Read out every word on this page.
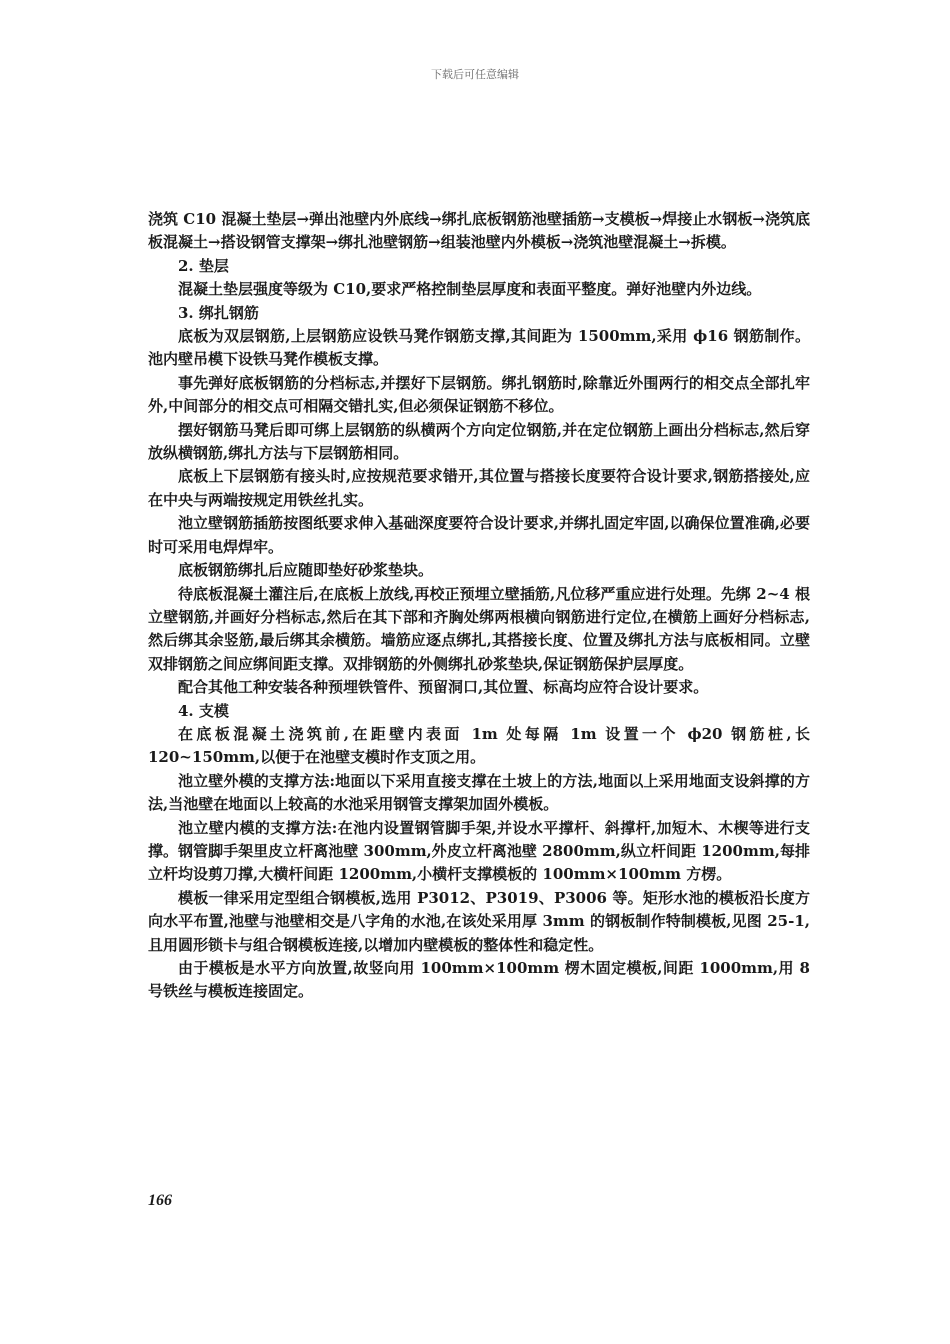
下载后可任意编辑

浇筑 C10 混凝土垫层→弹出池壁内外底线→绑扎底板钢筋池壁插筋→支模板→焊接止水钢板→浇筑底板混凝土→搭设钢管支撑架→绑扎池壁钢筋→组装池壁内外模板→浇筑池壁混凝土→拆模。

2. 垫层

混凝土垫层强度等级为 C10,要求严格控制垫层厚度和表面平整度。弹好池壁内外边线。

3. 绑扎钢筋

底板为双层钢筋,上层钢筋应设铁马凳作钢筋支撑,其间距为 1500mm,采用 ϕ16 钢筋制作。池内壁吊模下设铁马凳作模板支撑。

事先弹好底板钢筋的分档标志,并摆好下层钢筋。绑扎钢筋时,除靠近外围两行的相交点全部扎牢外,中间部分的相交点可相隔交错扎实,但必须保证钢筋不移位。

摆好钢筋马凳后即可绑上层钢筋的纵横两个方向定位钢筋,并在定位钢筋上画出分档标志,然后穿放纵横钢筋,绑扎方法与下层钢筋相同。

底板上下层钢筋有接头时,应按规范要求错开,其位置与搭接长度要符合设计要求,钢筋搭接处,应在中央与两端按规定用铁丝扎实。

池立壁钢筋插筋按图纸要求伸入基础深度要符合设计要求,并绑扎固定牢固,以确保位置准确,必要时可采用电焊焊牢。

底板钢筋绑扎后应随即垫好砂浆垫块。

待底板混凝土灌注后,在底板上放线,再校正预埋立壁插筋,凡位移严重应进行处理。先绑 2~4 根立壁钢筋,并画好分档标志,然后在其下部和齐胸处绑两根横向钢筋进行定位,在横筋上画好分档标志,然后绑其余竖筋,最后绑其余横筋。墙筋应逐点绑扎,其搭接长度、位置及绑扎方法与底板相同。立壁双排钢筋之间应绑间距支撑。双排钢筋的外侧绑扎砂浆垫块,保证钢筋保护层厚度。

配合其他工种安装各种预埋铁管件、预留洞口,其位置、标高均应符合设计要求。

4. 支模

在底板混凝土浇筑前,在距壁内表面 1m 处每隔 1m 设置一个 ϕ20 钢筋桩,长 120~150mm,以便于在池壁支模时作支顶之用。

池立壁外模的支撑方法:地面以下采用直接支撑在土坡上的方法,地面以上采用地面支设斜撑的方法,当池壁在地面以上较高的水池采用钢管支撑架加固外模板。

池立壁内模的支撑方法:在池内设置钢管脚手架,并设水平撑杆、斜撑杆,加短木、木楔等进行支撑。钢管脚手架里皮立杆离池壁 300mm,外皮立杆离池壁 2800mm,纵立杆间距 1200mm,每排立杆均设剪刀撑,大横杆间距 1200mm,小横杆支撑模板的 100mm×100mm 方楞。

模板一律采用定型组合钢模板,选用 P3012、P3019、P3006 等。矩形水池的模板沿长度方向水平布置,池壁与池壁相交是八字角的水池,在该处采用厚 3mm 的钢板制作特制模板,见图 25-1,且用圆形锁卡与组合钢模板连接,以增加内壁模板的整体性和稳定性。

由于模板是水平方向放置,故竖向用 100mm×100mm 楞木固定模板,间距 1000mm,用 8 号铁丝与模板连接固定。

166
